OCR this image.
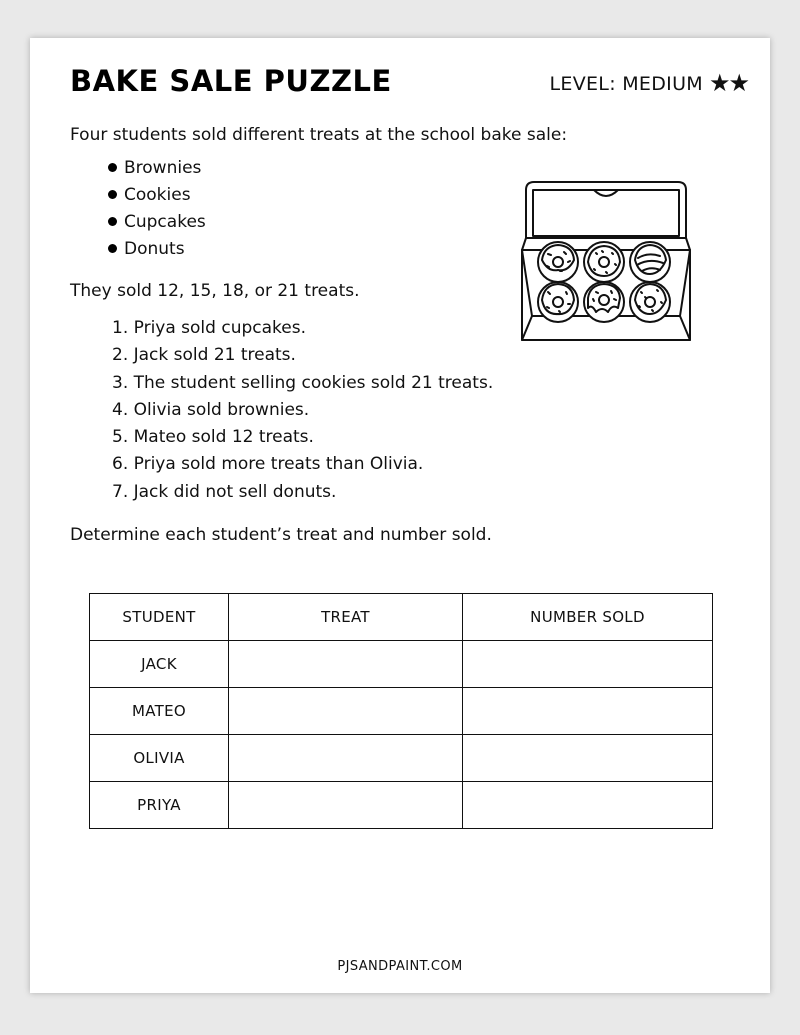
BAKE SALE PUZZLE	LEVEL: MEDIUM ★★

Four students sold different treats at the school bake sale:

Brownies
Cookies
Cupcakes
Donuts

They sold 12, 15, 18, or 21 treats.

1. Priya sold cupcakes.
2. Jack sold 21 treats.
3. The student selling cookies sold 21 treats.
4. Olivia sold brownies.
5. Mateo sold 12 treats.
6. Priya sold more treats than Olivia.
7. Jack did not sell donuts.

Determine each student’s treat and number sold.

STUDENT	TREAT	NUMBER SOLD
JACK		
MATEO		
OLIVIA		
PRIYA		

PJSANDPAINT.COM
